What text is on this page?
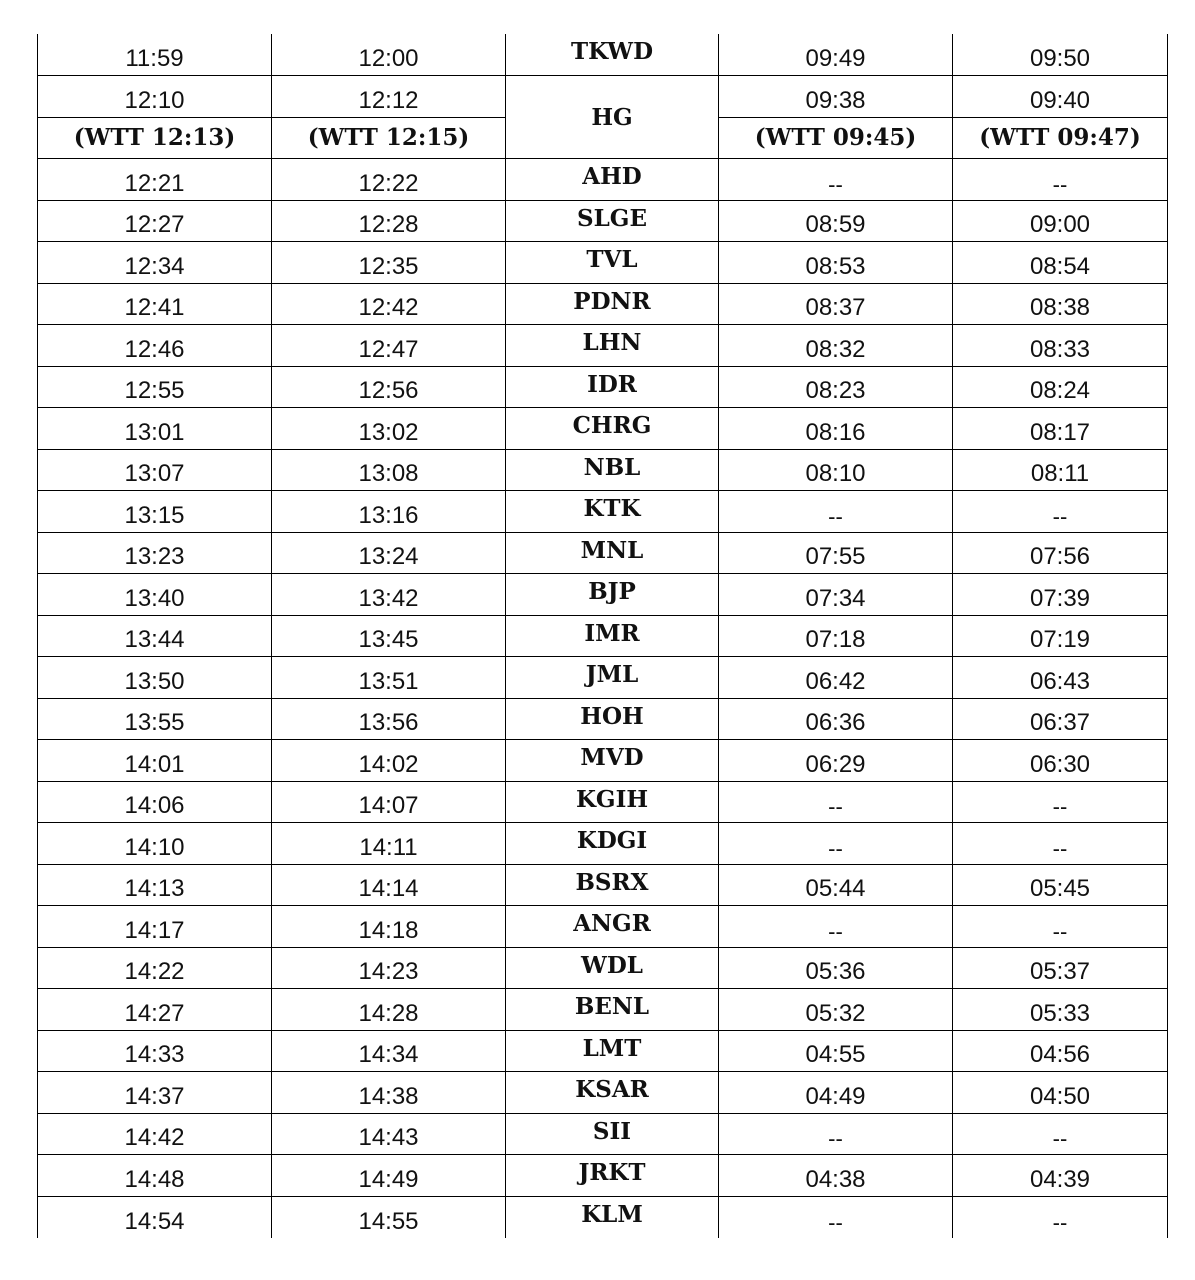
11:59	12:00	TKWD	09:49	09:50
12:10	12:12	HG	09:38	09:40
(WTT 12:13)	(WTT 12:15)		(WTT 09:45)	(WTT 09:47)
12:21	12:22	AHD	--	--
12:27	12:28	SLGE	08:59	09:00
12:34	12:35	TVL	08:53	08:54
12:41	12:42	PDNR	08:37	08:38
12:46	12:47	LHN	08:32	08:33
12:55	12:56	IDR	08:23	08:24
13:01	13:02	CHRG	08:16	08:17
13:07	13:08	NBL	08:10	08:11
13:15	13:16	KTK	--	--
13:23	13:24	MNL	07:55	07:56
13:40	13:42	BJP	07:34	07:39
13:44	13:45	IMR	07:18	07:19
13:50	13:51	JML	06:42	06:43
13:55	13:56	HOH	06:36	06:37
14:01	14:02	MVD	06:29	06:30
14:06	14:07	KGIH	--	--
14:10	14:11	KDGI	--	--
14:13	14:14	BSRX	05:44	05:45
14:17	14:18	ANGR	--	--
14:22	14:23	WDL	05:36	05:37
14:27	14:28	BENL	05:32	05:33
14:33	14:34	LMT	04:55	04:56
14:37	14:38	KSAR	04:49	04:50
14:42	14:43	SII	--	--
14:48	14:49	JRKT	04:38	04:39
14:54	14:55	KLM	--	--
